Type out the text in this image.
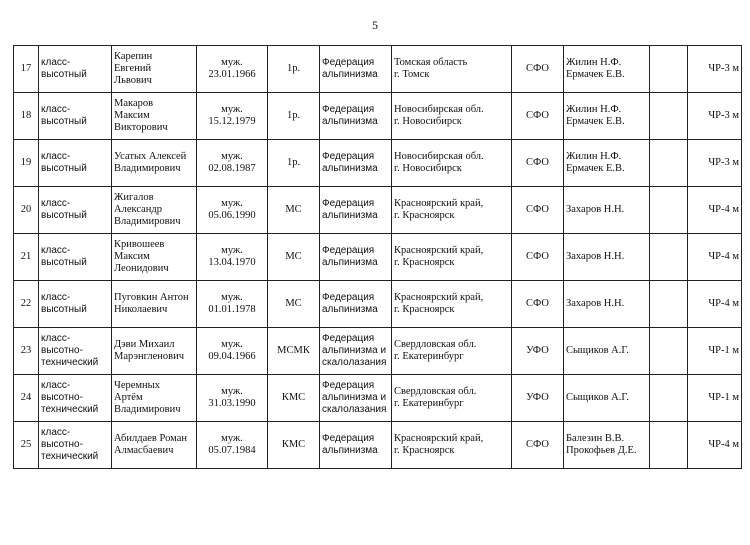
5
17	класс-
высотный	Карепин
Евгений
Львович	муж.
23.01.1966	1р.	Федерация
альпинизма	Томская область
г. Томск	СФО	Жилин Н.Ф.
Ермачек Е.В.		ЧР-3 м
18	класс-
высотный	Макаров
Максим
Викторович	муж.
15.12.1979	1р.	Федерация
альпинизма	Новосибирская обл.
г. Новосибирск	СФО	Жилин Н.Ф.
Ермачек Е.В.		ЧР-3 м
19	класс-
высотный	Усатых Алексей
Владимирович	муж.
02.08.1987	1р.	Федерация
альпинизма	Новосибирская обл.
г. Новосибирск	СФО	Жилин Н.Ф.
Ермачек Е.В.		ЧР-3 м
20	класс-
высотный	Жигалов
Александр
Владимирович	муж.
05.06.1990	МС	Федерация
альпинизма	Красноярский край,
г. Красноярск	СФО	Захаров Н.Н.		ЧР-4 м
21	класс-
высотный	Кривошеев
Максим
Леонидович	муж.
13.04.1970	МС	Федерация
альпинизма	Красноярский край,
г. Красноярск	СФО	Захаров Н.Н.		ЧР-4 м
22	класс-
высотный	Пуговкин Антон
Николаевич	муж.
01.01.1978	МС	Федерация
альпинизма	Красноярский край,
г. Красноярск	СФО	Захаров Н.Н.		ЧР-4 м
23	класс-высотно-
технический	Дэви Михаил
Марэнгленович	муж.
09.04.1966	МСМК	Федерация
альпинизма и
скалолазания	Свердловская обл.
г. Екатеринбург	УФО	Сыщиков А.Г.		ЧР-1 м
24	класс-высотно-
технический	Черемных
Артём
Владимирович	муж.
31.03.1990	КМС	Федерация
альпинизма и
скалолазания	Свердловская обл.
г. Екатеринбург	УФО	Сыщиков А.Г.		ЧР-1 м
25	класс-высотно-
технический	Абилдаев Роман
Алмасбаевич	муж.
05.07.1984	КМС	Федерация
альпинизма	Красноярский край,
г. Красноярск	СФО	Балезин В.В.
Прокофьев Д.Е.		ЧР-4 м
